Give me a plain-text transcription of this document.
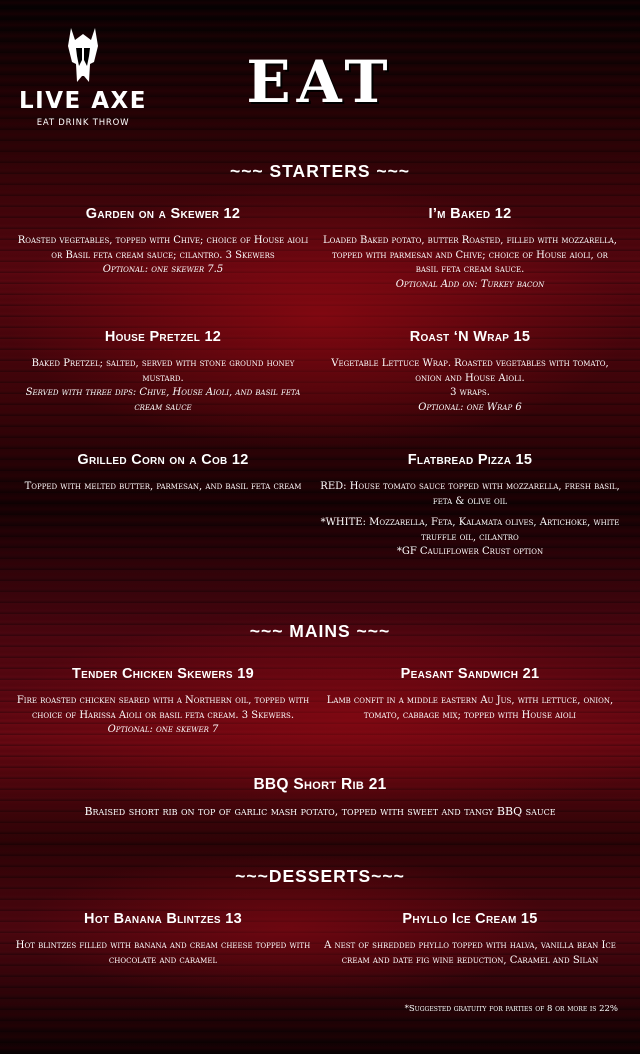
LIVE AXE
EAT DRINK THROW
EAT
~~~ STARTERS ~~~
Garden on a Skewer 12
Roasted vegetables, topped with Chive; choice of House aioli or Basil feta cream sauce; cilantro. 3 Skewers
Optional: one skewer 7.5
I’m Baked 12
Loaded Baked potato, butter Roasted, filled with mozzarella, topped with parmesan and Chive; choice of House aioli, or basil feta cream sauce.
Optional Add on: Turkey bacon
House Pretzel 12
Baked Pretzel; salted, served with stone ground honey mustard.
Served with three dips: Chive, House Aioli, and basil feta cream sauce
Roast ‘N Wrap 15
Vegetable Lettuce Wrap. Roasted vegetables with tomato, onion and House Aioli.
3 wraps.
Optional: one Wrap 6
Grilled Corn on a Cob 12
Topped with melted butter, parmesan, and basil feta cream
Flatbread Pizza 15
RED: House tomato sauce topped with mozzarella, fresh basil, feta & olive oil
*WHITE: Mozzarella, Feta, Kalamata olives, Artichoke, white truffle oil, cilantro
*GF Cauliflower Crust option
~~~ MAINS ~~~
Tender Chicken Skewers 19
Fire roasted chicken seared with a Northern oil, topped with choice of Harissa Aioli or basil feta cream. 3 Skewers.
Optional: one skewer 7
Peasant Sandwich 21
Lamb confit in a middle eastern Au Jus, with lettuce, onion, tomato, cabbage mix; topped with House aioli
BBQ Short Rib 21
Braised short rib on top of garlic mash potato, topped with sweet and tangy BBQ sauce
~~~DESSERTS~~~
Hot Banana Blintzes 13
Hot blintzes filled with banana and cream cheese topped with chocolate and caramel
Phyllo Ice Cream 15
A nest of shredded phyllo topped with halva, vanilla bean Ice cream and date fig wine reduction, Caramel and Silan
*Suggested gratuity for parties of 8 or more is 22%
